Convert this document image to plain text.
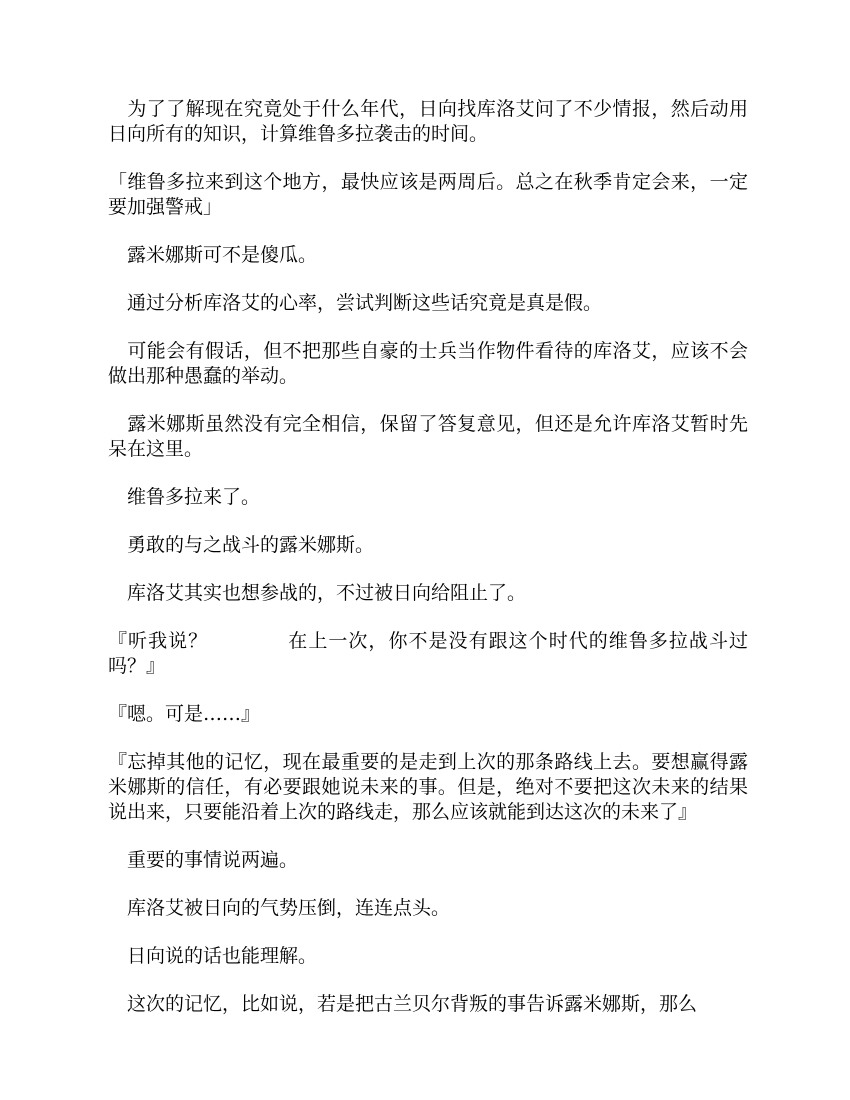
　为了了解现在究竟处于什么年代，日向找库洛艾问了不少情报，然后动用日向所有的知识，计算维鲁多拉袭击的时间。

「维鲁多拉来到这个地方，最快应该是两周后。总之在秋季肯定会来，一定要加强警戒」

　露米娜斯可不是傻瓜。

　通过分析库洛艾的心率，尝试判断这些话究竟是真是假。

　可能会有假话，但不把那些自豪的士兵当作物件看待的库洛艾，应该不会做出那种愚蠢的举动。

　露米娜斯虽然没有完全相信，保留了答复意见，但还是允许库洛艾暂时先呆在这里。

　维鲁多拉来了。

　勇敢的与之战斗的露米娜斯。

　库洛艾其实也想参战的，不过被日向给阻止了。

『听我说？　　　　在上一次，你不是没有跟这个时代的维鲁多拉战斗过吗？』

『嗯。可是……』

『忘掉其他的记忆，现在最重要的是走到上次的那条路线上去。要想赢得露米娜斯的信任，有必要跟她说未来的事。但是，绝对不要把这次未来的结果说出来，只要能沿着上次的路线走，那么应该就能到达这次的未来了』

　重要的事情说两遍。

　库洛艾被日向的气势压倒，连连点头。

　日向说的话也能理解。

　这次的记忆，比如说，若是把古兰贝尔背叛的事告诉露米娜斯，那么
